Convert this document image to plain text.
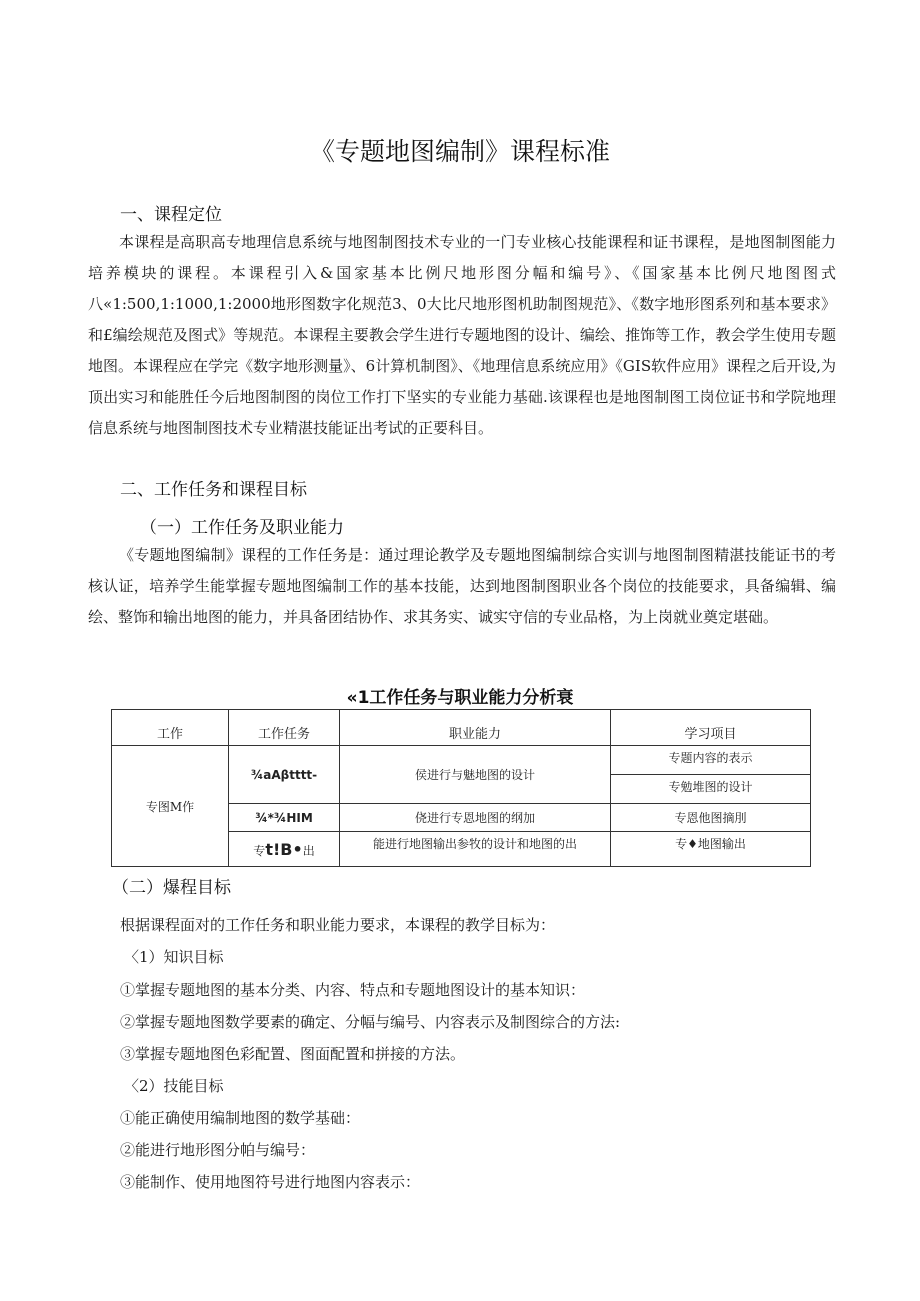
《专题地图编制》课程标准
一、课程定位

本课程是高职高专地理信息系统与地图制图技术专业的一门专业核心技能课程和证书课程，是地图制图能力培养模块的课程。本课程引入&国家基本比例尺地形图分幅和编号》、《国家基本比例尺地图图式八«1:500,1:1000,1:2000地形图数字化规范3、0大比尺地形图机助制图规范》、《数字地形图系列和基本要求》和£编绘规范及图式》等规范。本课程主要教会学生进行专题地图的设计、编绘、推饰等工作，教会学生使用专题地图。本课程应在学完《数字地形测量》、6计算机制图》、《地理信息系统应用》《GIS软件应用》课程之后开设,为顶出实习和能胜任今后地图制图的岗位工作打下坚实的专业能力基础.该课程也是地图制图工岗位证书和学院地理信息系统与地图制图技术专业精湛技能证出考试的正要科目。

二、工作任务和课程目标
（一）工作任务及职业能力

《专题地图编制》课程的工作任务是：通过理论教学及专题地图编制综合实训与地图制图精湛技能证书的考核认证，培养学生能掌握专题地图编制工作的基本技能，达到地图制图职业各个岗位的技能要求，具备编辑、编绘、整饰和输出地图的能力，并具备团结协作、求其务实、诚实守信的专业品格，为上岗就业奠定堪础。

«1工作任务与职业能力分析衰
工作	工作任务	职业能力	学习项目
专图M作	¾aAβtttt-	侯进行与魅地图的设计	专题内容的表示
			专勉堆图的设计
	¾*¾HIM	侥进行专恩地图的纲加	专恩他图摘刖
	专t!B•出	能进行地图输出参牧的设计和地图的出	专♦地图输出
（二）爆程目标
根据课程面对的工作任务和职业能力要求，本课程的教学目标为：
〈1）知识目标
①掌握专题地图的基本分类、内容、特点和专题地图设计的基本知识：
②掌握专题地图数学要素的确定、分幅与编号、内容表示及制图综合的方法:
③掌握专题地图色彩配置、图面配置和拼接的方法。
〈2）技能目标
①能正确使用编制地图的数学基础：
②能进行地形图分帕与编号：
③能制作、使用地图符号进行地图内容表示：
